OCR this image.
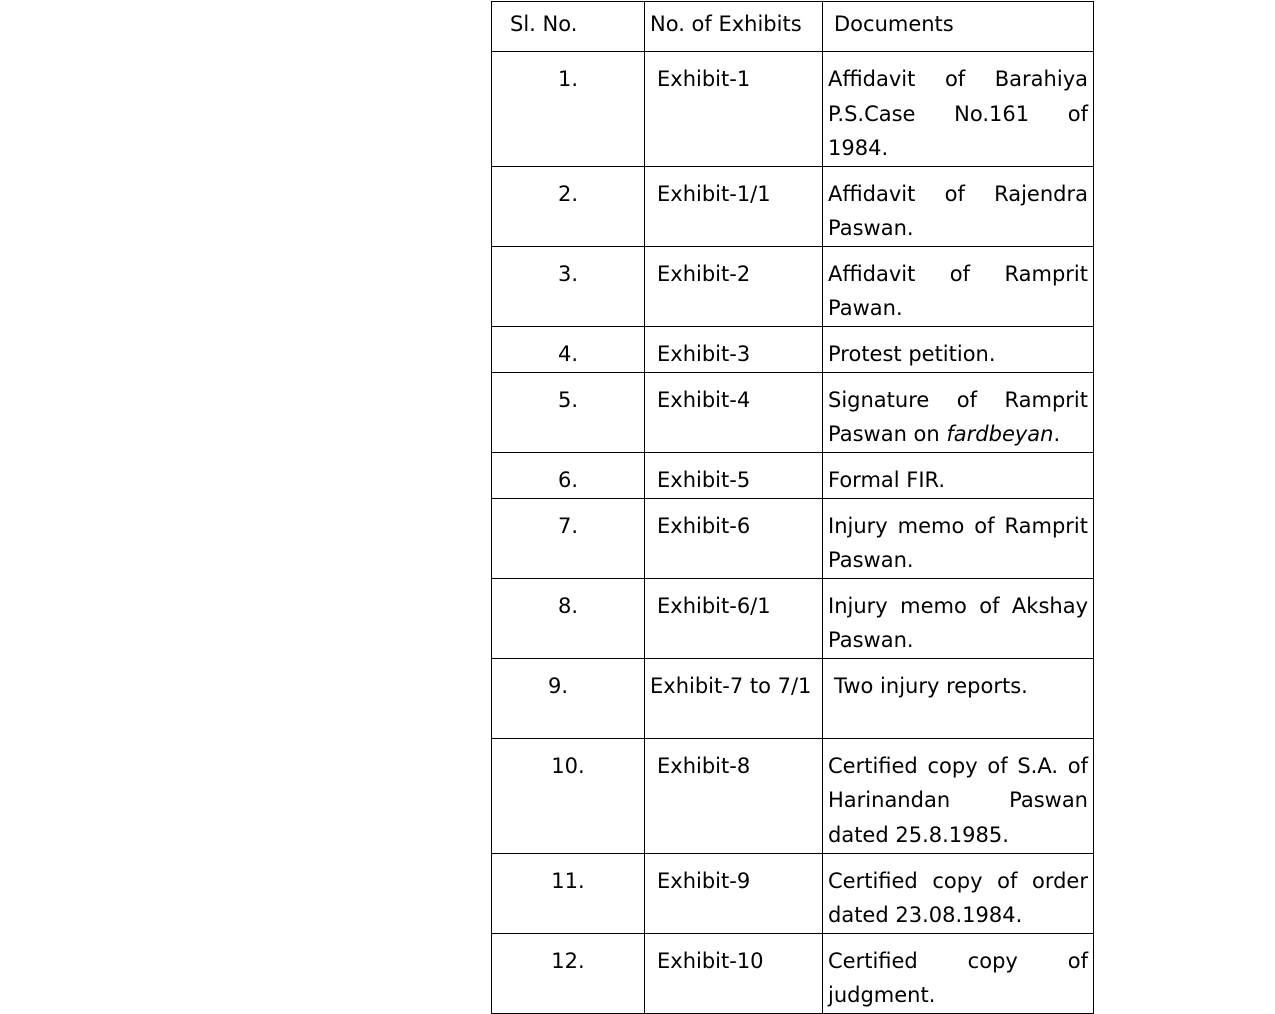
Sl. No.	No. of Exhibits	Documents
1.	Exhibit-1	Affidavit of Barahiya P.S.Case No.161 of 1984.
2.	Exhibit-1/1	Affidavit of Rajendra Paswan.
3.	Exhibit-2	Affidavit of Ramprit Pawan.
4.	Exhibit-3	Protest petition.
5.	Exhibit-4	Signature of Ramprit Paswan on fardbeyan.
6.	Exhibit-5	Formal FIR.
7.	Exhibit-6	Injury memo of Ramprit Paswan.
8.	Exhibit-6/1	Injury memo of Akshay Paswan.
9.	Exhibit-7 to 7/1	Two injury reports.
10.	Exhibit-8	Certified copy of S.A. of Harinandan Paswan dated 25.8.1985.
11.	Exhibit-9	Certified copy of order dated 23.08.1984.
12.	Exhibit-10	Certified copy of judgment.
